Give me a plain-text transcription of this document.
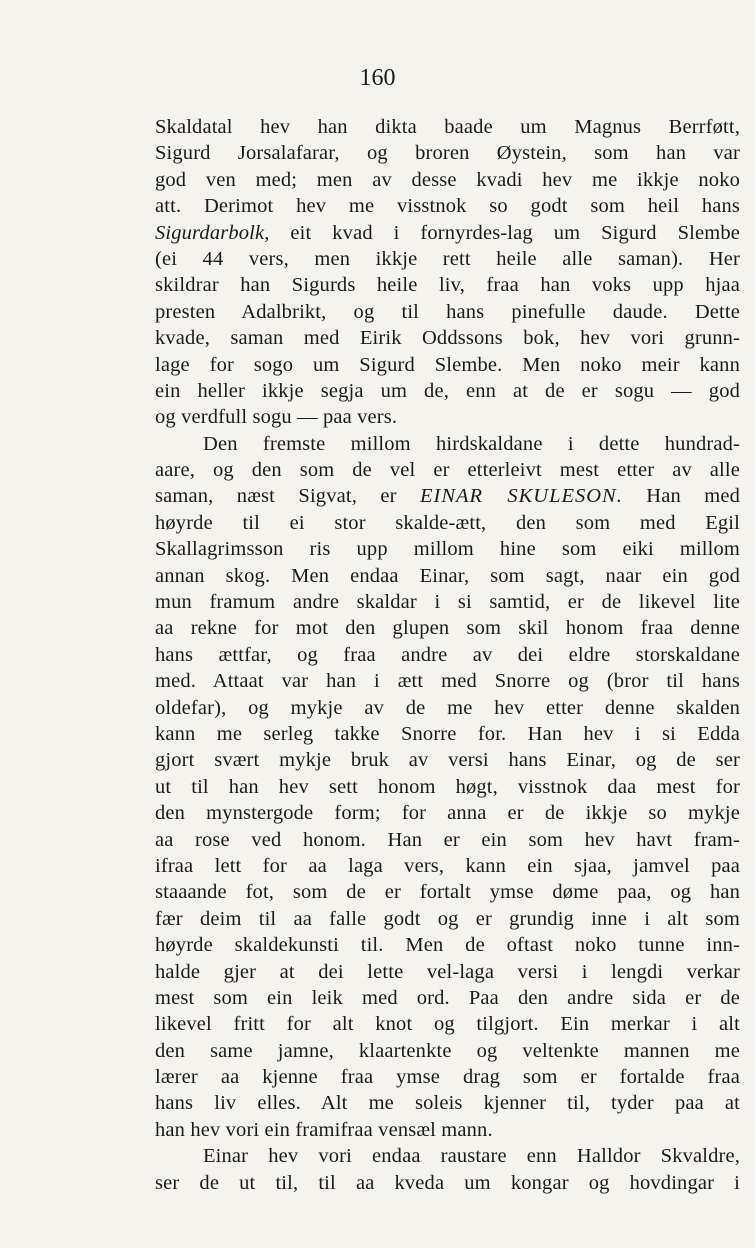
160
Skaldatal hev han dikta baade um Magnus Berrføtt,
Sigurd Jorsalafarar, og broren Øystein, som han var
god ven med; men av desse kvadi hev me ikkje noko
att. Derimot hev me visstnok so godt som heil hans
Sigurdarbolk, eit kvad i fornyrdes-lag um Sigurd Slembe
(ei 44 vers, men ikkje rett heile alle saman). Her
skildrar han Sigurds heile liv, fraa han voks upp hjaa
presten Adalbrikt, og til hans pinefulle daude. Dette
kvade, saman med Eirik Oddssons bok, hev vori grunn-
lage for sogo um Sigurd Slembe. Men noko meir kann
ein heller ikkje segja um de, enn at de er sogu — god
og verdfull sogu — paa vers.
Den fremste millom hirdskaldane i dette hundrad-
aare, og den som de vel er etterleivt mest etter av alle
saman, næst Sigvat, er EINAR SKULESON. Han med
høyrde til ei stor skalde-ætt, den som med Egil
Skallagrimsson ris upp millom hine som eiki millom
annan skog. Men endaa Einar, som sagt, naar ein god
mun framum andre skaldar i si samtid, er de likevel lite
aa rekne for mot den glupen som skil honom fraa denne
hans ættfar, og fraa andre av dei eldre storskaldane
med. Attaat var han i ætt med Snorre og (bror til hans
oldefar), og mykje av de me hev etter denne skalden
kann me serleg takke Snorre for. Han hev i si Edda
gjort svært mykje bruk av versi hans Einar, og de ser
ut til han hev sett honom høgt, visstnok daa mest for
den mynstergode form; for anna er de ikkje so mykje
aa rose ved honom. Han er ein som hev havt fram-
ifraa lett for aa laga vers, kann ein sjaa, jamvel paa
staaande fot, som de er fortalt ymse døme paa, og han
fær deim til aa falle godt og er grundig inne i alt som
høyrde skaldekunsti til. Men de oftast noko tunne inn-
halde gjer at dei lette vel-laga versi i lengdi verkar
mest som ein leik med ord. Paa den andre sida er de
likevel fritt for alt knot og tilgjort. Ein merkar i alt
den same jamne, klaartenkte og veltenkte mannen me
lærer aa kjenne fraa ymse drag som er fortalde fraa
hans liv elles. Alt me soleis kjenner til, tyder paa at
han hev vori ein framifraa vensæl mann.
Einar hev vori endaa raustare enn Halldor Skvaldre,
ser de ut til, til aa kveda um kongar og hovdingar i
